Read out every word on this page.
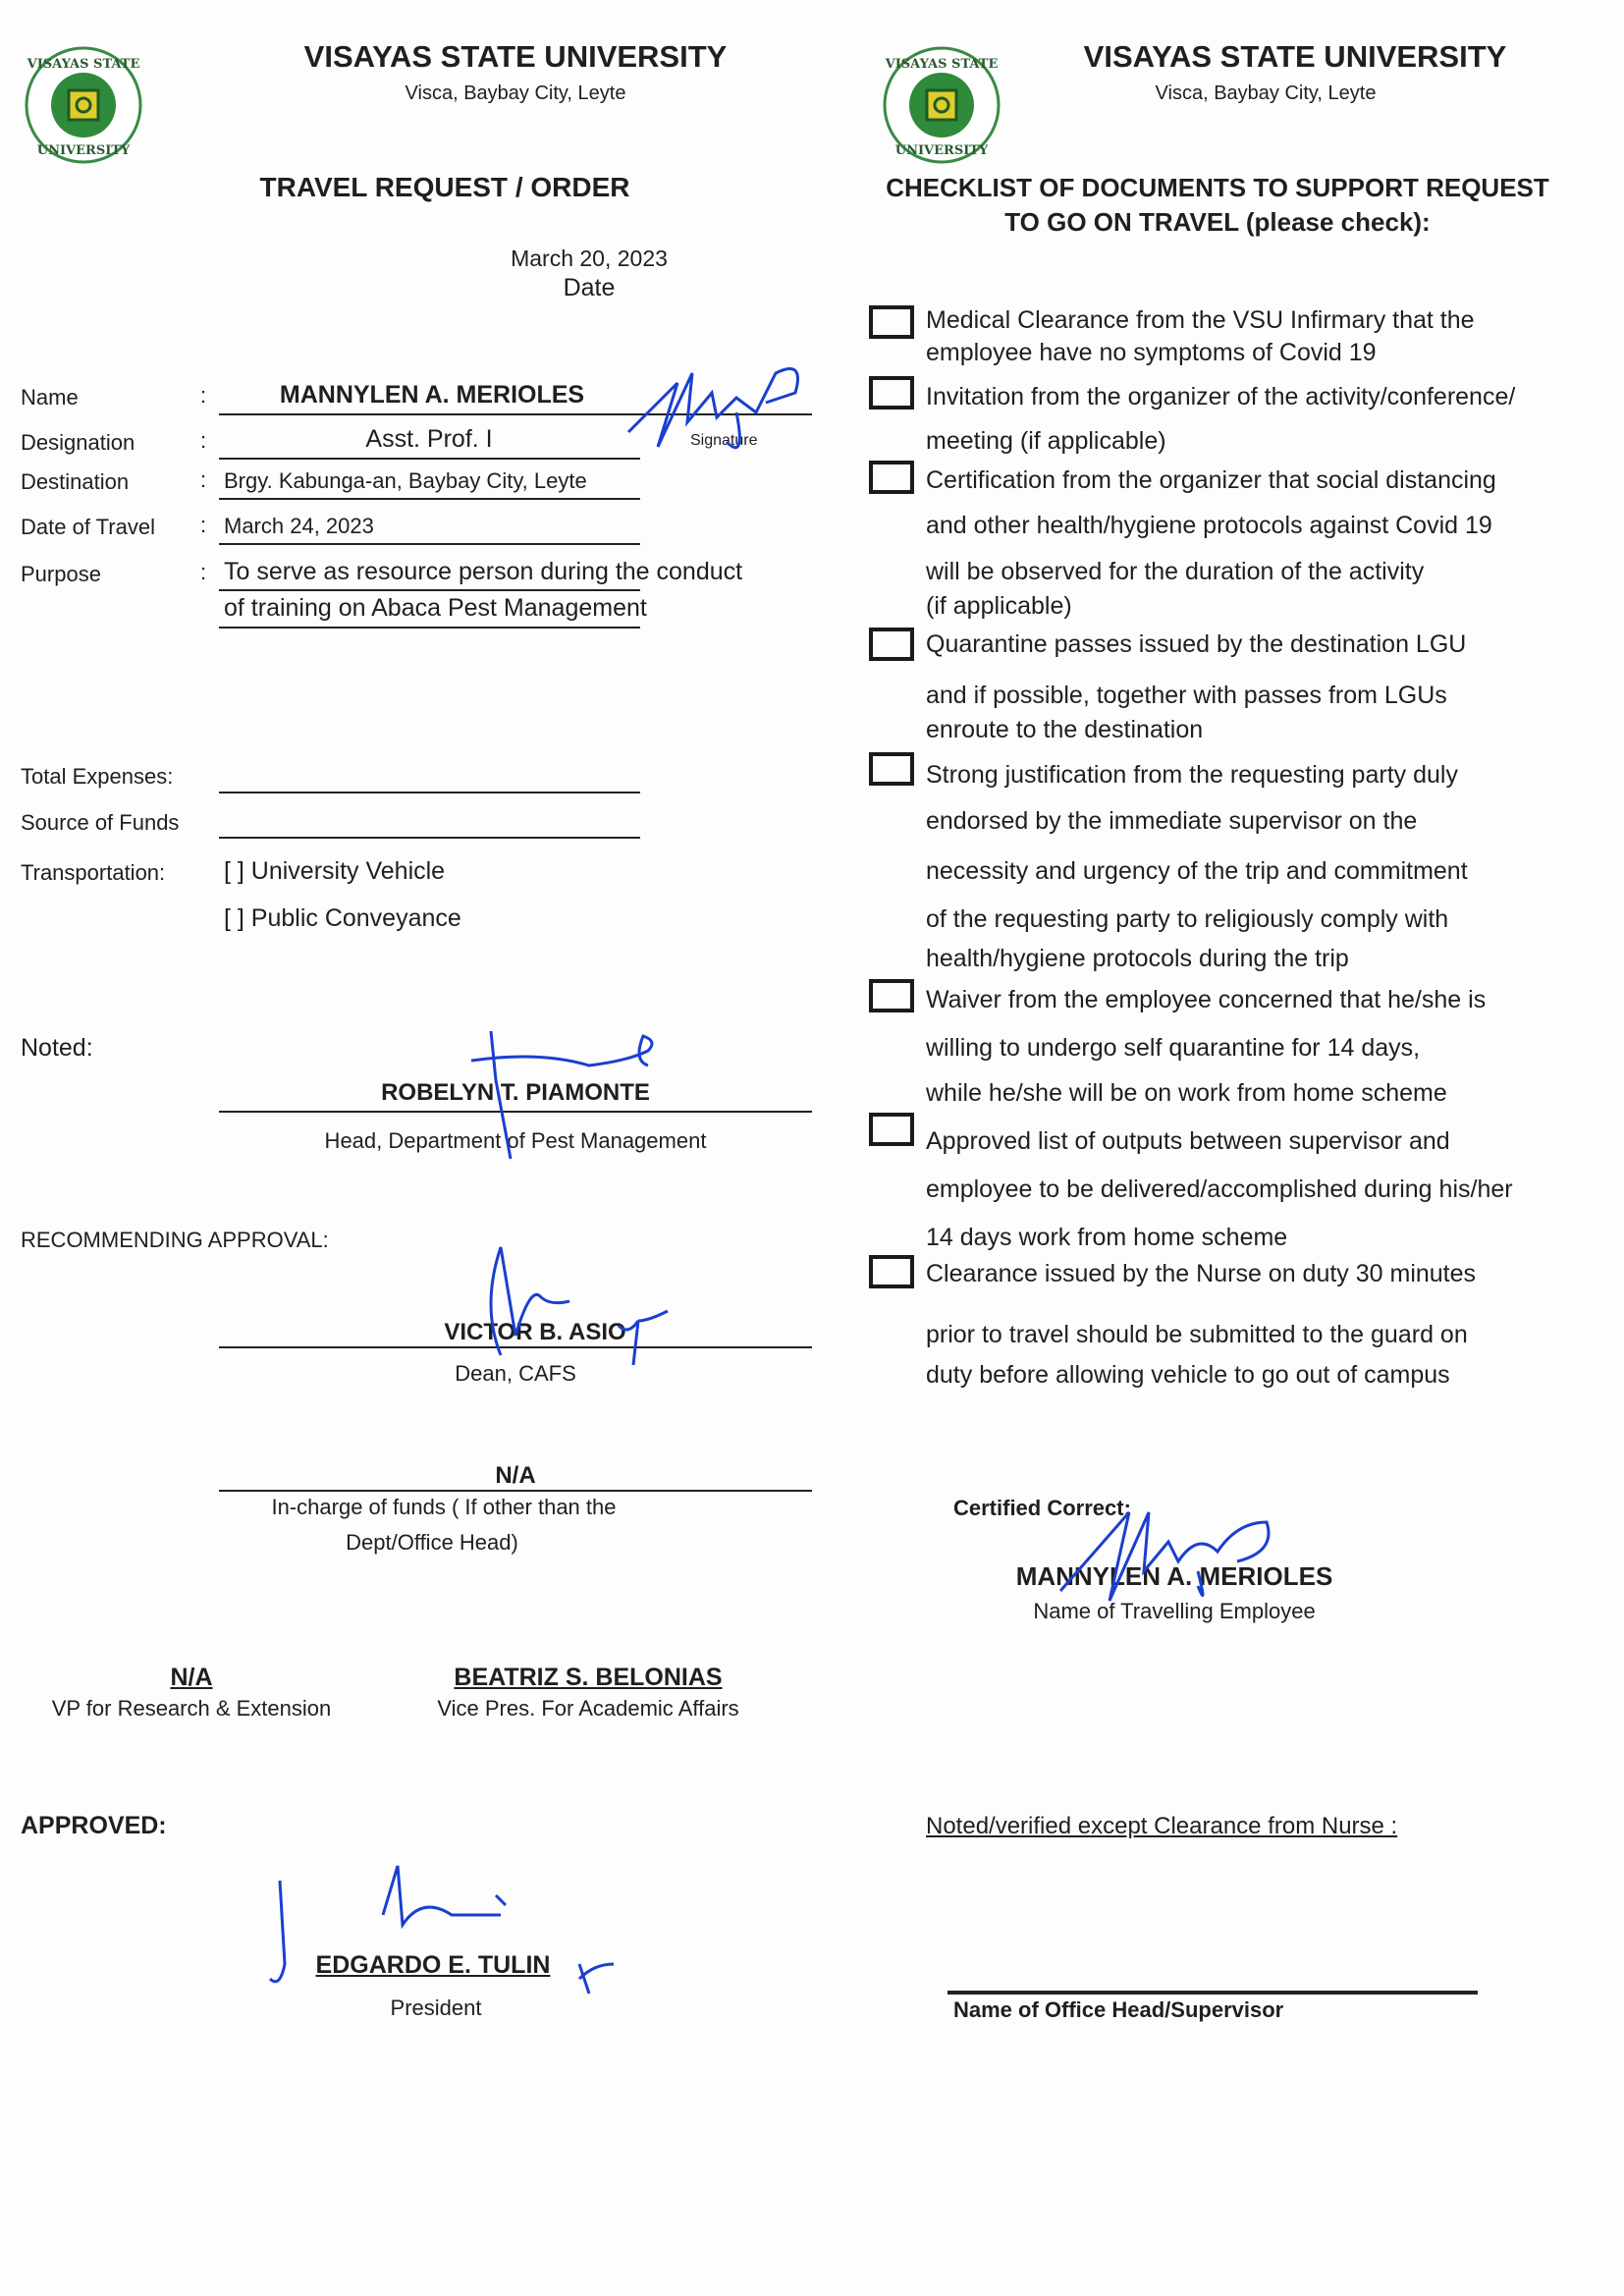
VISAYAS STATE
UNIVERSITY
VISAYAS STATE UNIVERSITY
Visca, Baybay City, Leyte
TRAVEL REQUEST / ORDER
March 20, 2023
Date
Name	:	MANNYLEN A. MERIOLES
Signature
Designation	:	Asst. Prof. I
Destination	: Brgy. Kabunga-an, Baybay City, Leyte
Date of Travel : March 24, 2023
Purpose	: To serve as resource person during the conduct
of training on Abaca Pest Management
Total Expenses:
Source of Funds
Transportation: [ ] University Vehicle
[ ] Public Conveyance
Noted:
ROBELYN T. PIAMONTE
Head, Department of Pest Management
RECOMMENDING APPROVAL:
VICTOR B. ASIO
Dean, CAFS
N/A
In-charge of funds ( If other than the
Dept/Office Head)
N/A
VP for Research & Extension
BEATRIZ S. BELONIAS
Vice Pres. For Academic Affairs
APPROVED:
EDGARDO E. TULIN
President
VISAYAS STATE
UNIVERSITY
VISAYAS STATE UNIVERSITY
Visca, Baybay City, Leyte
CHECKLIST OF DOCUMENTS TO SUPPORT REQUEST
TO GO ON TRAVEL (please check):
Medical Clearance from the VSU Infirmary that the
employee have no symptoms of Covid 19
Invitation from the organizer of the activity/conference/
meeting (if applicable)
Certification from the organizer that social distancing
and other health/hygiene protocols against Covid 19
will be observed for the duration of the activity
(if applicable)
Quarantine passes issued by the destination LGU
and if possible, together with passes from LGUs
enroute to the destination
Strong justification from the requesting party duly
endorsed by the immediate supervisor on the
necessity and urgency of the trip and commitment
of the requesting party to religiously comply with
health/hygiene protocols during the trip
Waiver from the employee concerned that he/she is
willing to undergo self quarantine for 14 days,
while he/she will be on work from home scheme
Approved list of outputs between supervisor and
employee to be delivered/accomplished during his/her
14 days work from home scheme
Clearance issued by the Nurse on duty 30 minutes
prior to travel should be submitted to the guard on
duty before allowing vehicle to go out of campus
Certified Correct:
MANNYLEN A. MERIOLES
Name of Travelling Employee
Noted/verified except Clearance from Nurse :
Name of Office Head/Supervisor
